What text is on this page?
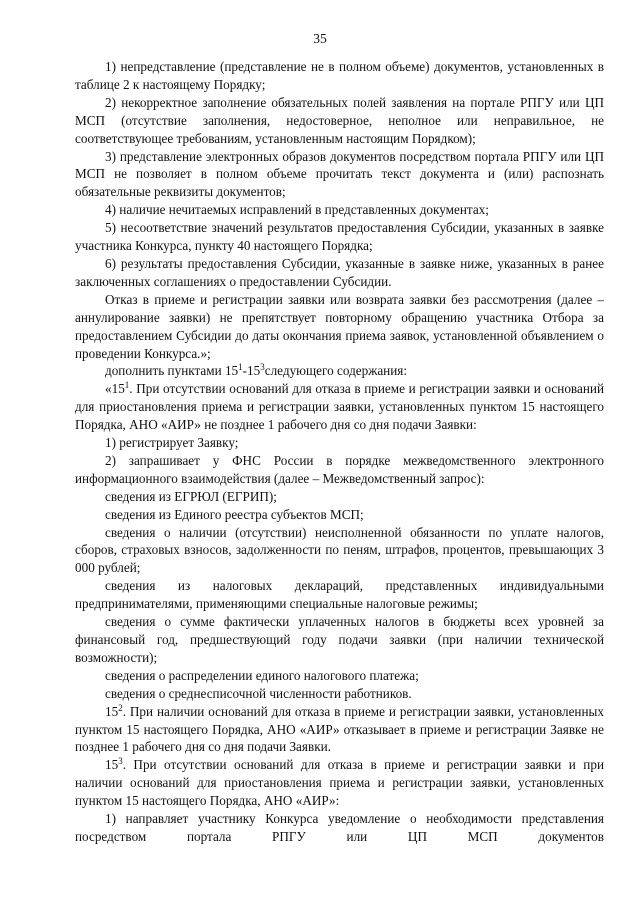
35

1) непредставление (представление не в полном объеме) документов, установленных в таблице 2 к настоящему Порядку;

2) некорректное заполнение обязательных полей заявления на портале РПГУ или ЦП МСП (отсутствие заполнения, недостоверное, неполное или неправильное, не соответствующее требованиям, установленным настоящим Порядком);

3) представление электронных образов документов посредством портала РПГУ или ЦП МСП не позволяет в полном объеме прочитать текст документа и (или) распознать обязательные реквизиты документов;

4) наличие нечитаемых исправлений в представленных документах;

5) несоответствие значений результатов предоставления Субсидии, указанных в заявке участника Конкурса, пункту 40 настоящего Порядка;

6) результаты предоставления Субсидии, указанные в заявке ниже, указанных в ранее заключенных соглашениях о предоставлении Субсидии.

Отказ в приеме и регистрации заявки или возврата заявки без рассмотрения (далее – аннулирование заявки) не препятствует повторному обращению участника Отбора за предоставлением Субсидии до даты окончания приема заявок, установленной объявлением о проведении Конкурса.»;

дополнить пунктами $15^1-15^3следующего$ содержания:

«$15^1$. При отсутствии оснований для отказа в приеме и регистрации заявки и оснований для приостановления приема и регистрации заявки, установленных пунктом 15 настоящего Порядка, АНО «АИР» не позднее 1 рабочего дня со дня подачи Заявки:

1) регистрирует Заявку;

2) запрашивает у ФНС России в порядке межведомственного электронного информационного взаимодействия (далее – Межведомственный запрос):

сведения из ЕГРЮЛ (ЕГРИП);

сведения из Единого реестра субъектов МСП;

сведения о наличии (отсутствии) неисполненной обязанности по уплате налогов, сборов, страховых взносов, задолженности по пеням, штрафов, процентов, превышающих 3 000 рублей;

сведения из налоговых деклараций, представленных индивидуальными предпринимателями, применяющими специальные налоговые режимы;

сведения о сумме фактически уплаченных налогов в бюджеты всех уровней за финансовый год, предшествующий году подачи заявки (при наличии технической возможности);

сведения о распределении единого налогового платежа;

сведения о среднесписочной численности работников.

$15^2$. При наличии оснований для отказа в приеме и регистрации заявки, установленных пунктом 15 настоящего Порядка, АНО «АИР» отказывает в приеме и регистрации Заявке не позднее 1 рабочего дня со дня подачи Заявки.

$15^3$. При отсутствии оснований для отказа в приеме и регистрации заявки и при наличии оснований для приостановления приема и регистрации заявки, установленных пунктом 15 настоящего Порядка, АНО «АИР»:

1) направляет участнику Конкурса уведомление о необходимости представления посредством портала РПГУ или ЦП МСП документов
